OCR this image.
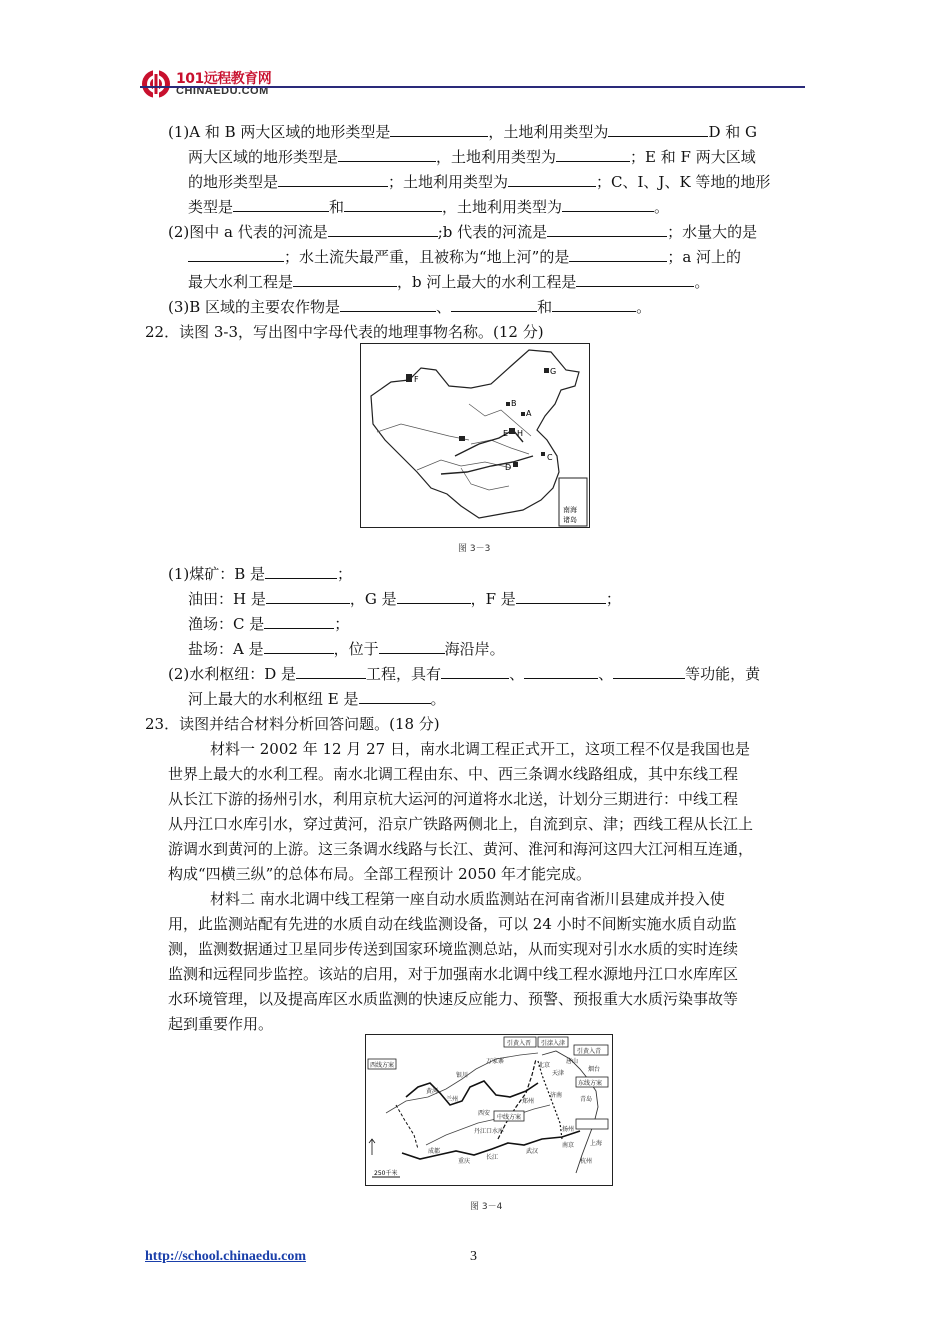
101远程教育网
CHINAEDU.COM
(1)A 和 B 两大区域的地形类型是	，土地利用类型为	D 和 G
两大区域的地形类型是	，土地利用类型为	；E 和 F 两大区域
的地形类型是	；土地利用类型为	；C、I、J、K 等地的地形
类型是	和	，土地利用类型为	。
(2)图中 a 代表的河流是	;b 代表的河流是	；水量大的是
；水土流失最严重，且被称为“地上河”的是	；a 河上的
最大水利工程是	，b 河上最大的水利工程是	。
(3)B 区域的主要农作物是	、	和	。
22．读图 3-3，写出图中字母代表的地理事物名称。(12 分)
F
G
B
E H
A
D
C
南海
诸岛
图 3－3
(1)煤矿：B 是	；
油田：H 是	，G 是	，F 是	；
渔场：C 是	；
盐场：A 是	，位于	海沿岸。
(2)水利枢纽：D 是	工程，具有	、	、	等功能，黄
河上最大的水利枢纽 E 是	。
23．读图并结合材料分析回答问题。(18 分)
材料一 2002 年 12 月 27 日，南水北调工程正式开工，这项工程不仅是我国也是
世界上最大的水利工程。南水北调工程由东、中、西三条调水线路组成，其中东线工程
从长江下游的扬州引水，利用京杭大运河的河道将水北送，计划分三期进行：中线工程
从丹江口水库引水，穿过黄河，沿京广铁路两侧北上，自流到京、津；西线工程从长江上
游调水到黄河的上游。这三条调水线路与长江、黄河、淮河和海河这四大江河相互连通，
构成“四横三纵”的总体布局。全部工程预计 2050 年才能完成。
材料二 南水北调中线工程第一座自动水质监测站在河南省淅川县建成并投入使
用，此监测站配有先进的水质自动在线监测设备，可以 24 小时不间断实施水质自动监
测，监测数据通过卫星同步传送到国家环境监测总站，从而实现对引水水质的实时连续
监测和远程同步监控。该站的启用，对于加强南水北调中线工程水源地丹江口水库库区
水环境管理，以及提高库区水质监测的快速反应能力、预警、预报重大水质污染事故等
起到重要作用。
引黄入晋 引滦入津
引黄入青
万家寨
北京
天津
唐山
烟台
银川
兰州	郑州
济南
青岛
西线方案
中线方案
东线方案
丹江口水库
武汉
南京	上海
杭州
重庆
成都
西安
扬州
黄河
长江
250千米
图 3－4
http://school.chinaedu.com	3
